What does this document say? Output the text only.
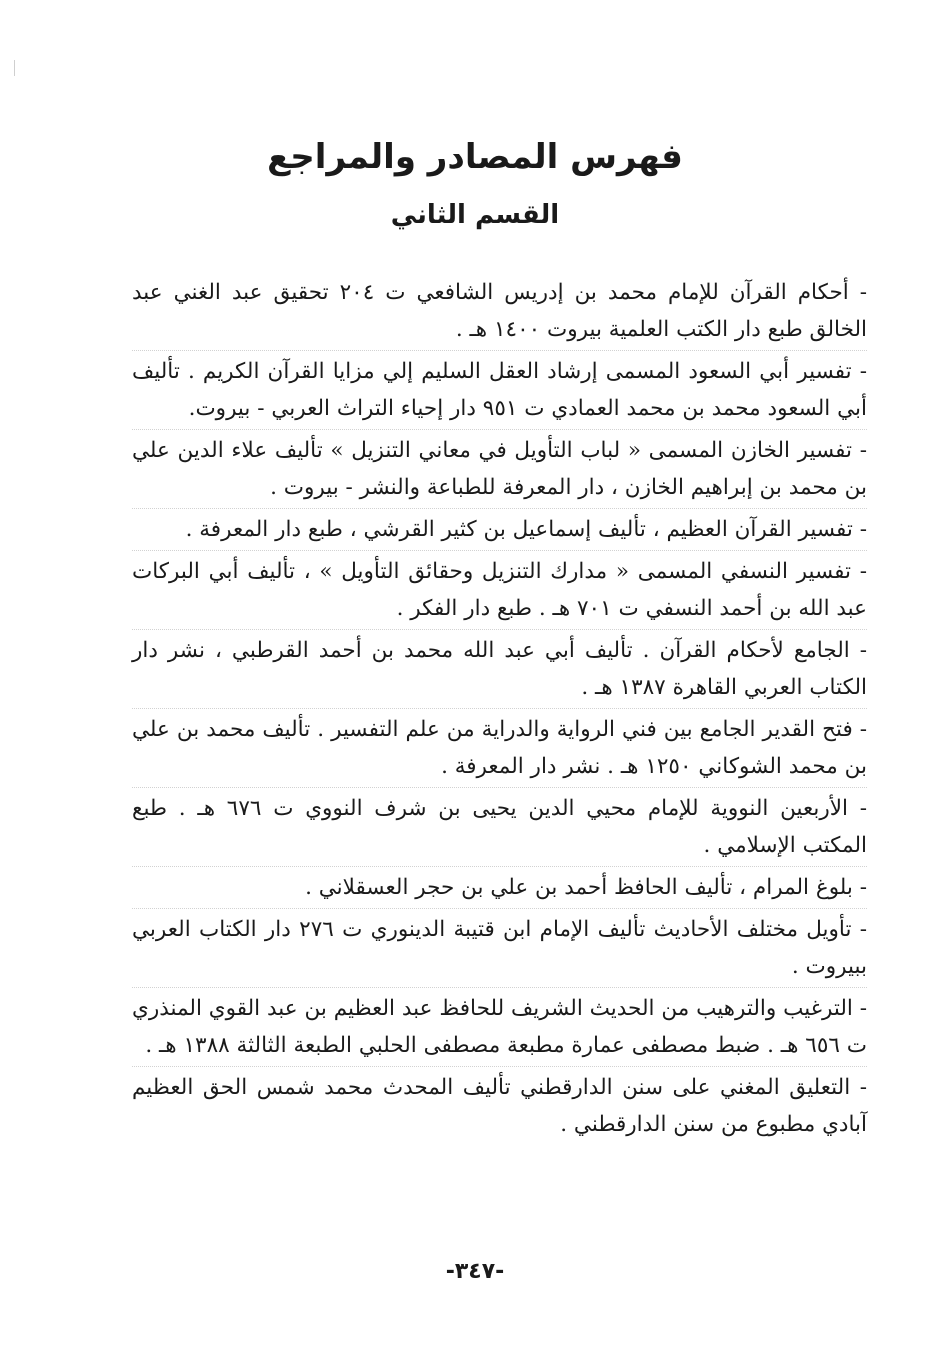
فهرس المصادر والمراجع
القسم الثاني
- أحكام القرآن للإمام محمد بن إدريس الشافعي ت ٢٠٤ تحقيق عبد الغني عبد الخالق طبع دار الكتب العلمية بيروت ١٤٠٠ هـ .
- تفسير أبي السعود المسمى إرشاد العقل السليم إلي مزايا القرآن الكريم . تأليف أبي السعود محمد بن محمد العمادي ت ٩٥١ دار إحياء التراث العربي - بيروت.
- تفسير الخازن المسمى « لباب التأويل في معاني التنزيل » تأليف علاء الدين علي بن محمد بن إبراهيم الخازن ، دار المعرفة للطباعة والنشر - بيروت .
- تفسير القرآن العظيم ، تأليف إسماعيل بن كثير القرشي ، طبع دار المعرفة .
- تفسير النسفي المسمى « مدارك التنزيل وحقائق التأويل » ، تأليف أبي البركات عبد الله بن أحمد النسفي ت ٧٠١ هـ . طبع دار الفكر .
- الجامع لأحكام القرآن . تأليف أبي عبد الله محمد بن أحمد القرطبي ، نشر دار الكتاب العربي القاهرة ١٣٨٧ هـ .
- فتح القدير الجامع بين فني الرواية والدراية من علم التفسير . تأليف محمد بن علي بن محمد الشوكاني ١٢٥٠ هـ . نشر دار المعرفة .
- الأربعين النووية للإمام محيي الدين يحيى بن شرف النووي ت ٦٧٦ هـ . طبع المكتب الإسلامي .
- بلوغ المرام ، تأليف الحافظ أحمد بن علي بن حجر العسقلاني .
- تأويل مختلف الأحاديث تأليف الإمام ابن قتيبة الدينوري ت ٢٧٦ دار الكتاب العربي ببيروت .
- الترغيب والترهيب من الحديث الشريف للحافظ عبد العظيم بن عبد القوي المنذري ت ٦٥٦ هـ . ضبط مصطفى عمارة مطبعة مصطفى الحلبي الطبعة الثالثة ١٣٨٨ هـ .
- التعليق المغني على سنن الدارقطني تأليف المحدث محمد شمس الحق العظيم آبادي مطبوع من سنن الدارقطني .
-٣٤٧-
